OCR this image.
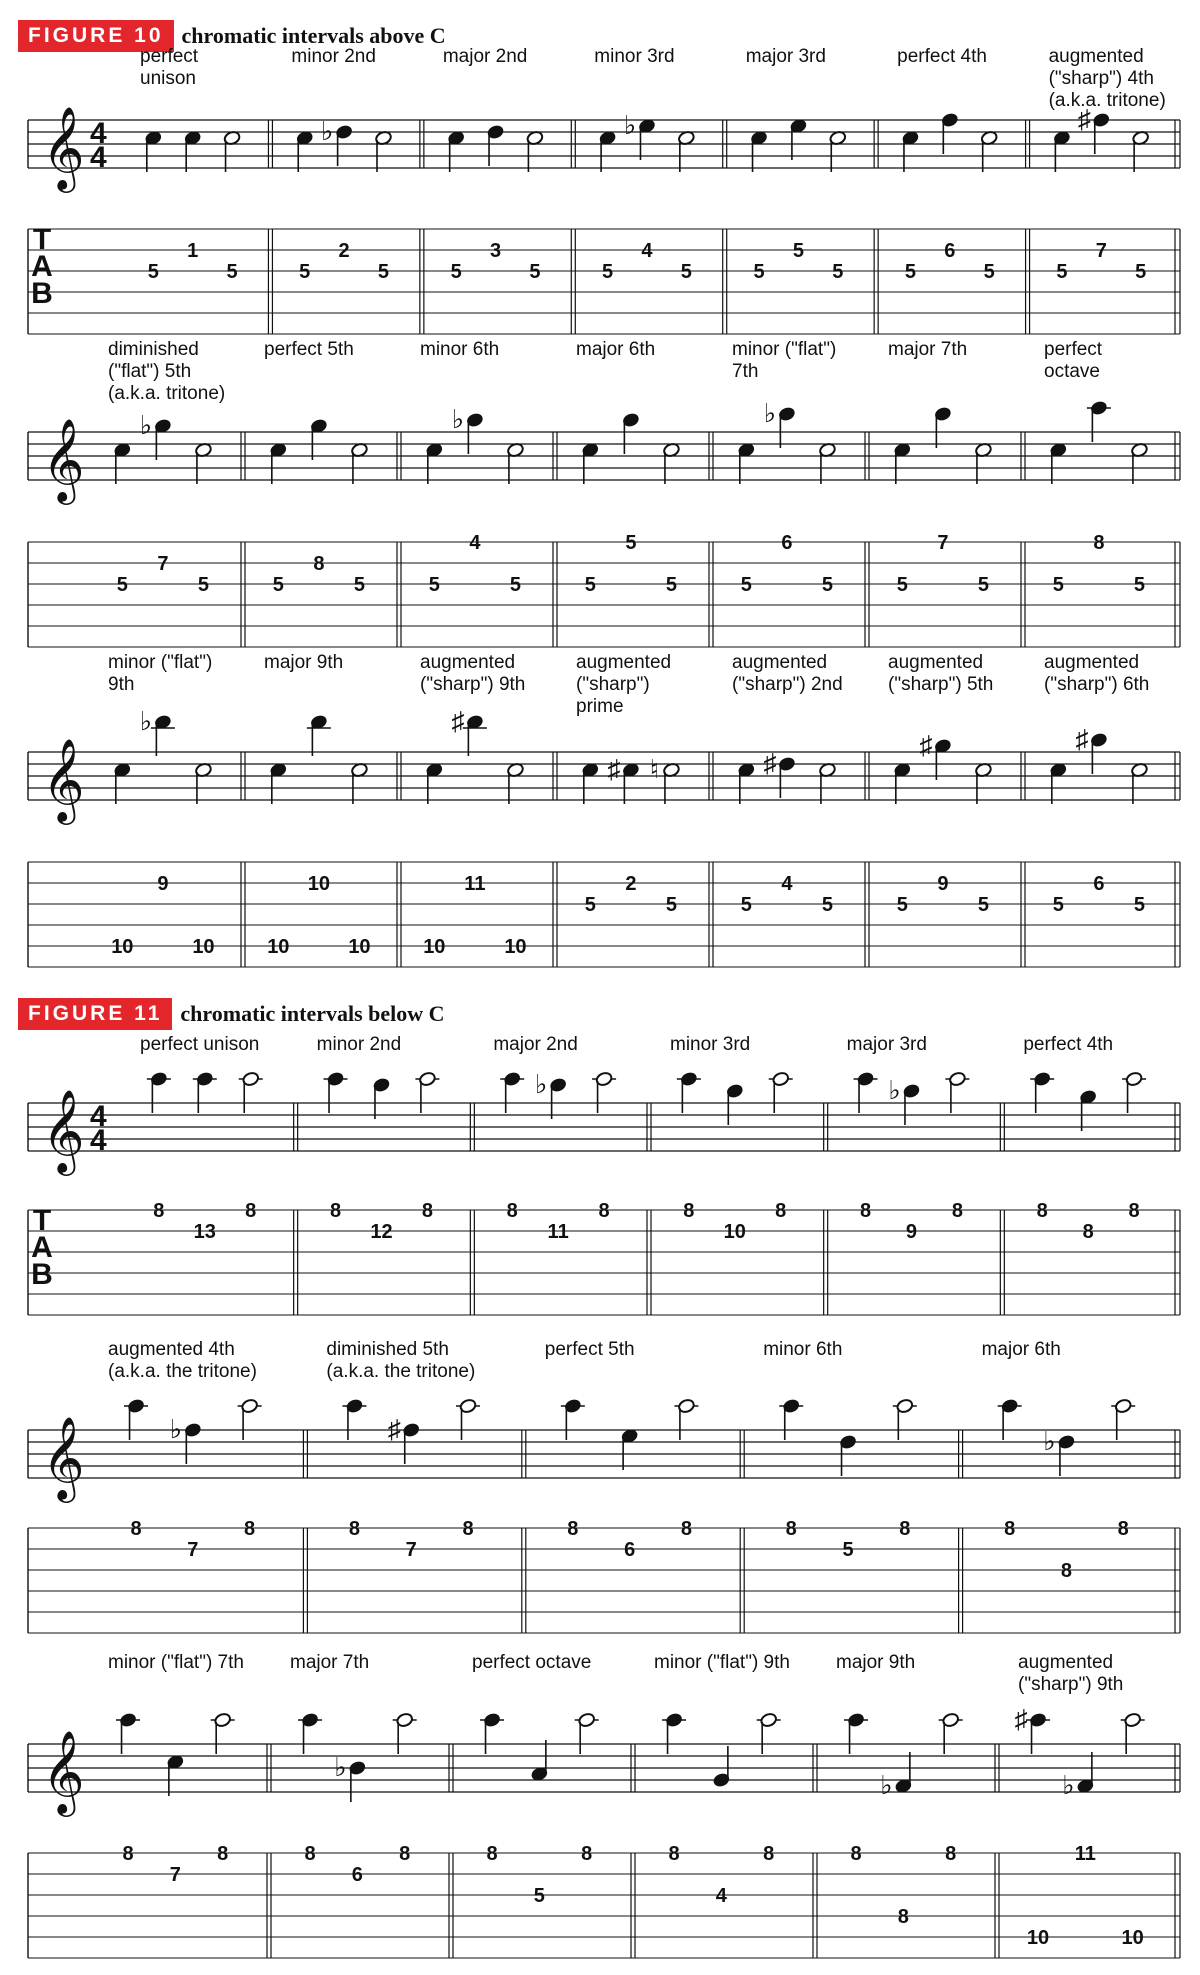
FIGURE 10 chromatic intervals above C
FIGURE 11 chromatic intervals below C
𝄞 4
4
T
A
B
perfect
unison
5
1
5
minor 2nd
♭
5
2
5
major 2nd
5
3
5
minor 3rd
♭
5
4
5
major 3rd
5
5
5
perfect 4th
5
6
5
augmented
("sharp") 4th
(a.k.a. tritone)
♯
5
7
5
𝄞
diminished
("flat") 5th
(a.k.a. tritone)
♭
5
7
5
perfect 5th
5
8
5
minor 6th
♭
5
4
5
major 6th
5
5
5
minor ("flat")
7th
♭
5
6
5
major 7th
5
7
5
perfect
octave
5
8
5
𝄞
minor ("flat")
9th
♭
10
9
10
major 9th
10
10
10
augmented
("sharp") 9th
♯
10
11
10
augmented
("sharp")
prime
♯ ♮
5
2
5
augmented
("sharp") 2nd
♯
5
4
5
augmented
("sharp") 5th
♯
5
9
5
augmented
("sharp") 6th
♯
5
6
5
𝄞 4
4
T
A
B
perfect unison
8
13
8
minor 2nd
8
12
8
major 2nd
♭
8
11
8
minor 3rd
8
10
8
major 3rd
♭
8
9
8
perfect 4th
8
8
8
𝄞
augmented 4th
(a.k.a. the tritone)
♭
8
7
8
diminished 5th
(a.k.a. the tritone)
♯
8
7
8
perfect 5th
8
6
8
minor 6th
8
5
8
major 6th
♭
8
8
8
𝄞
minor ("flat") 7th
8
7
8
major 7th
♭
8
6
8
perfect octave
8
5
8
minor ("flat") 9th
8
4
8
major 9th
♭
8
8
8
augmented
("sharp") 9th
♯
♭
10
11
10
